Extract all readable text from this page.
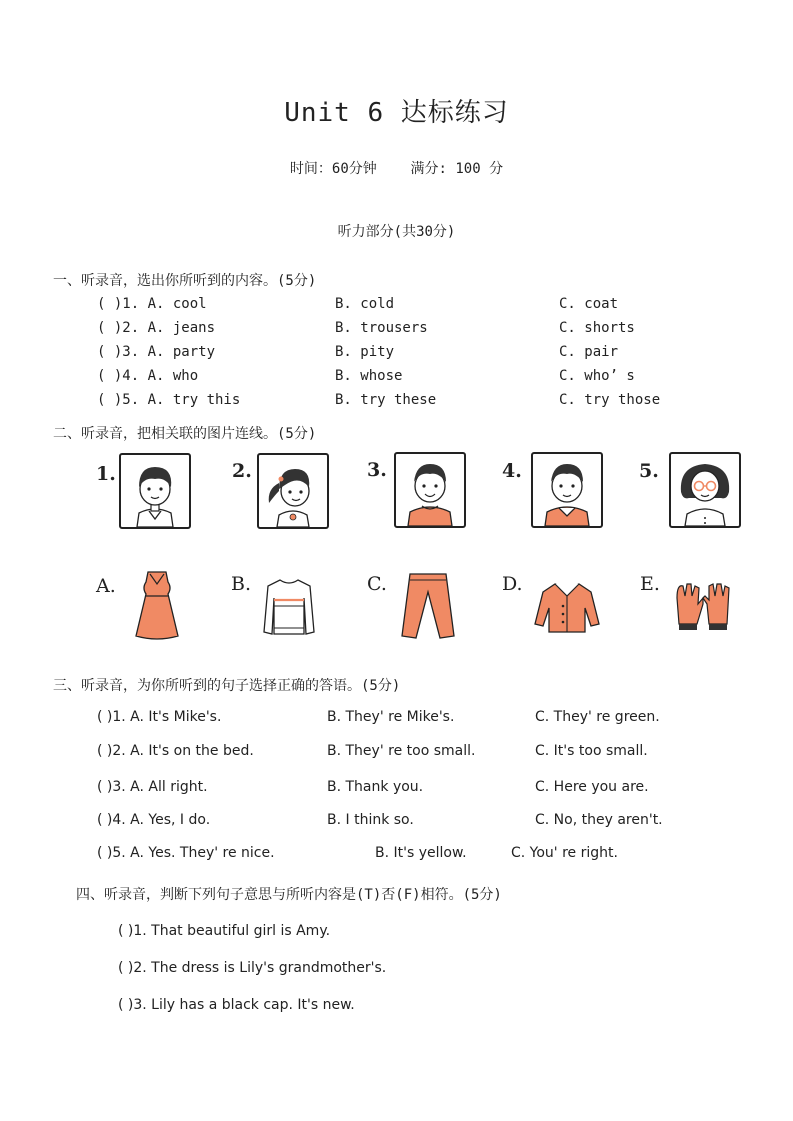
Unit 6 达标练习
时间：60分钟 满分: 100 分
听力部分(共30分)
一、听录音，选出你所听到的内容。(5分)
( )1. A. cool	B. cold	C. coat
( )2. A. jeans	B. trousers	C. shorts
( )3. A. party	B. pity	C. pair
( )4. A. who	B. whose	C. who’ s
( )5. A. try this	B. try these	C. try those
二、听录音，把相关联的图片连线。(5分)
1.	2.	3.	4.	5.
A.	B.	C.	D.	E.
三、听录音，为你所听到的句子选择正确的答语。(5分)
( )1. A. It's Mike's.	B. They' re Mike's.	C. They' re green.
( )2. A. It's on the bed.	B. They' re too small.	C. It's too small.
( )3. A. All right.	B. Thank you.	C. Here you are.
( )4. A. Yes, I do.	B. I think so.	C. No, they aren't.
( )5. A. Yes. They' re nice.	B. It's yellow.	C. You' re right.
四、听录音，判断下列句子意思与所听内容是(T)否(F)相符。(5分)
( )1. That beautiful girl is Amy.
( )2. The dress is Lily's grandmother's.
( )3. Lily has a black cap. It's new.
